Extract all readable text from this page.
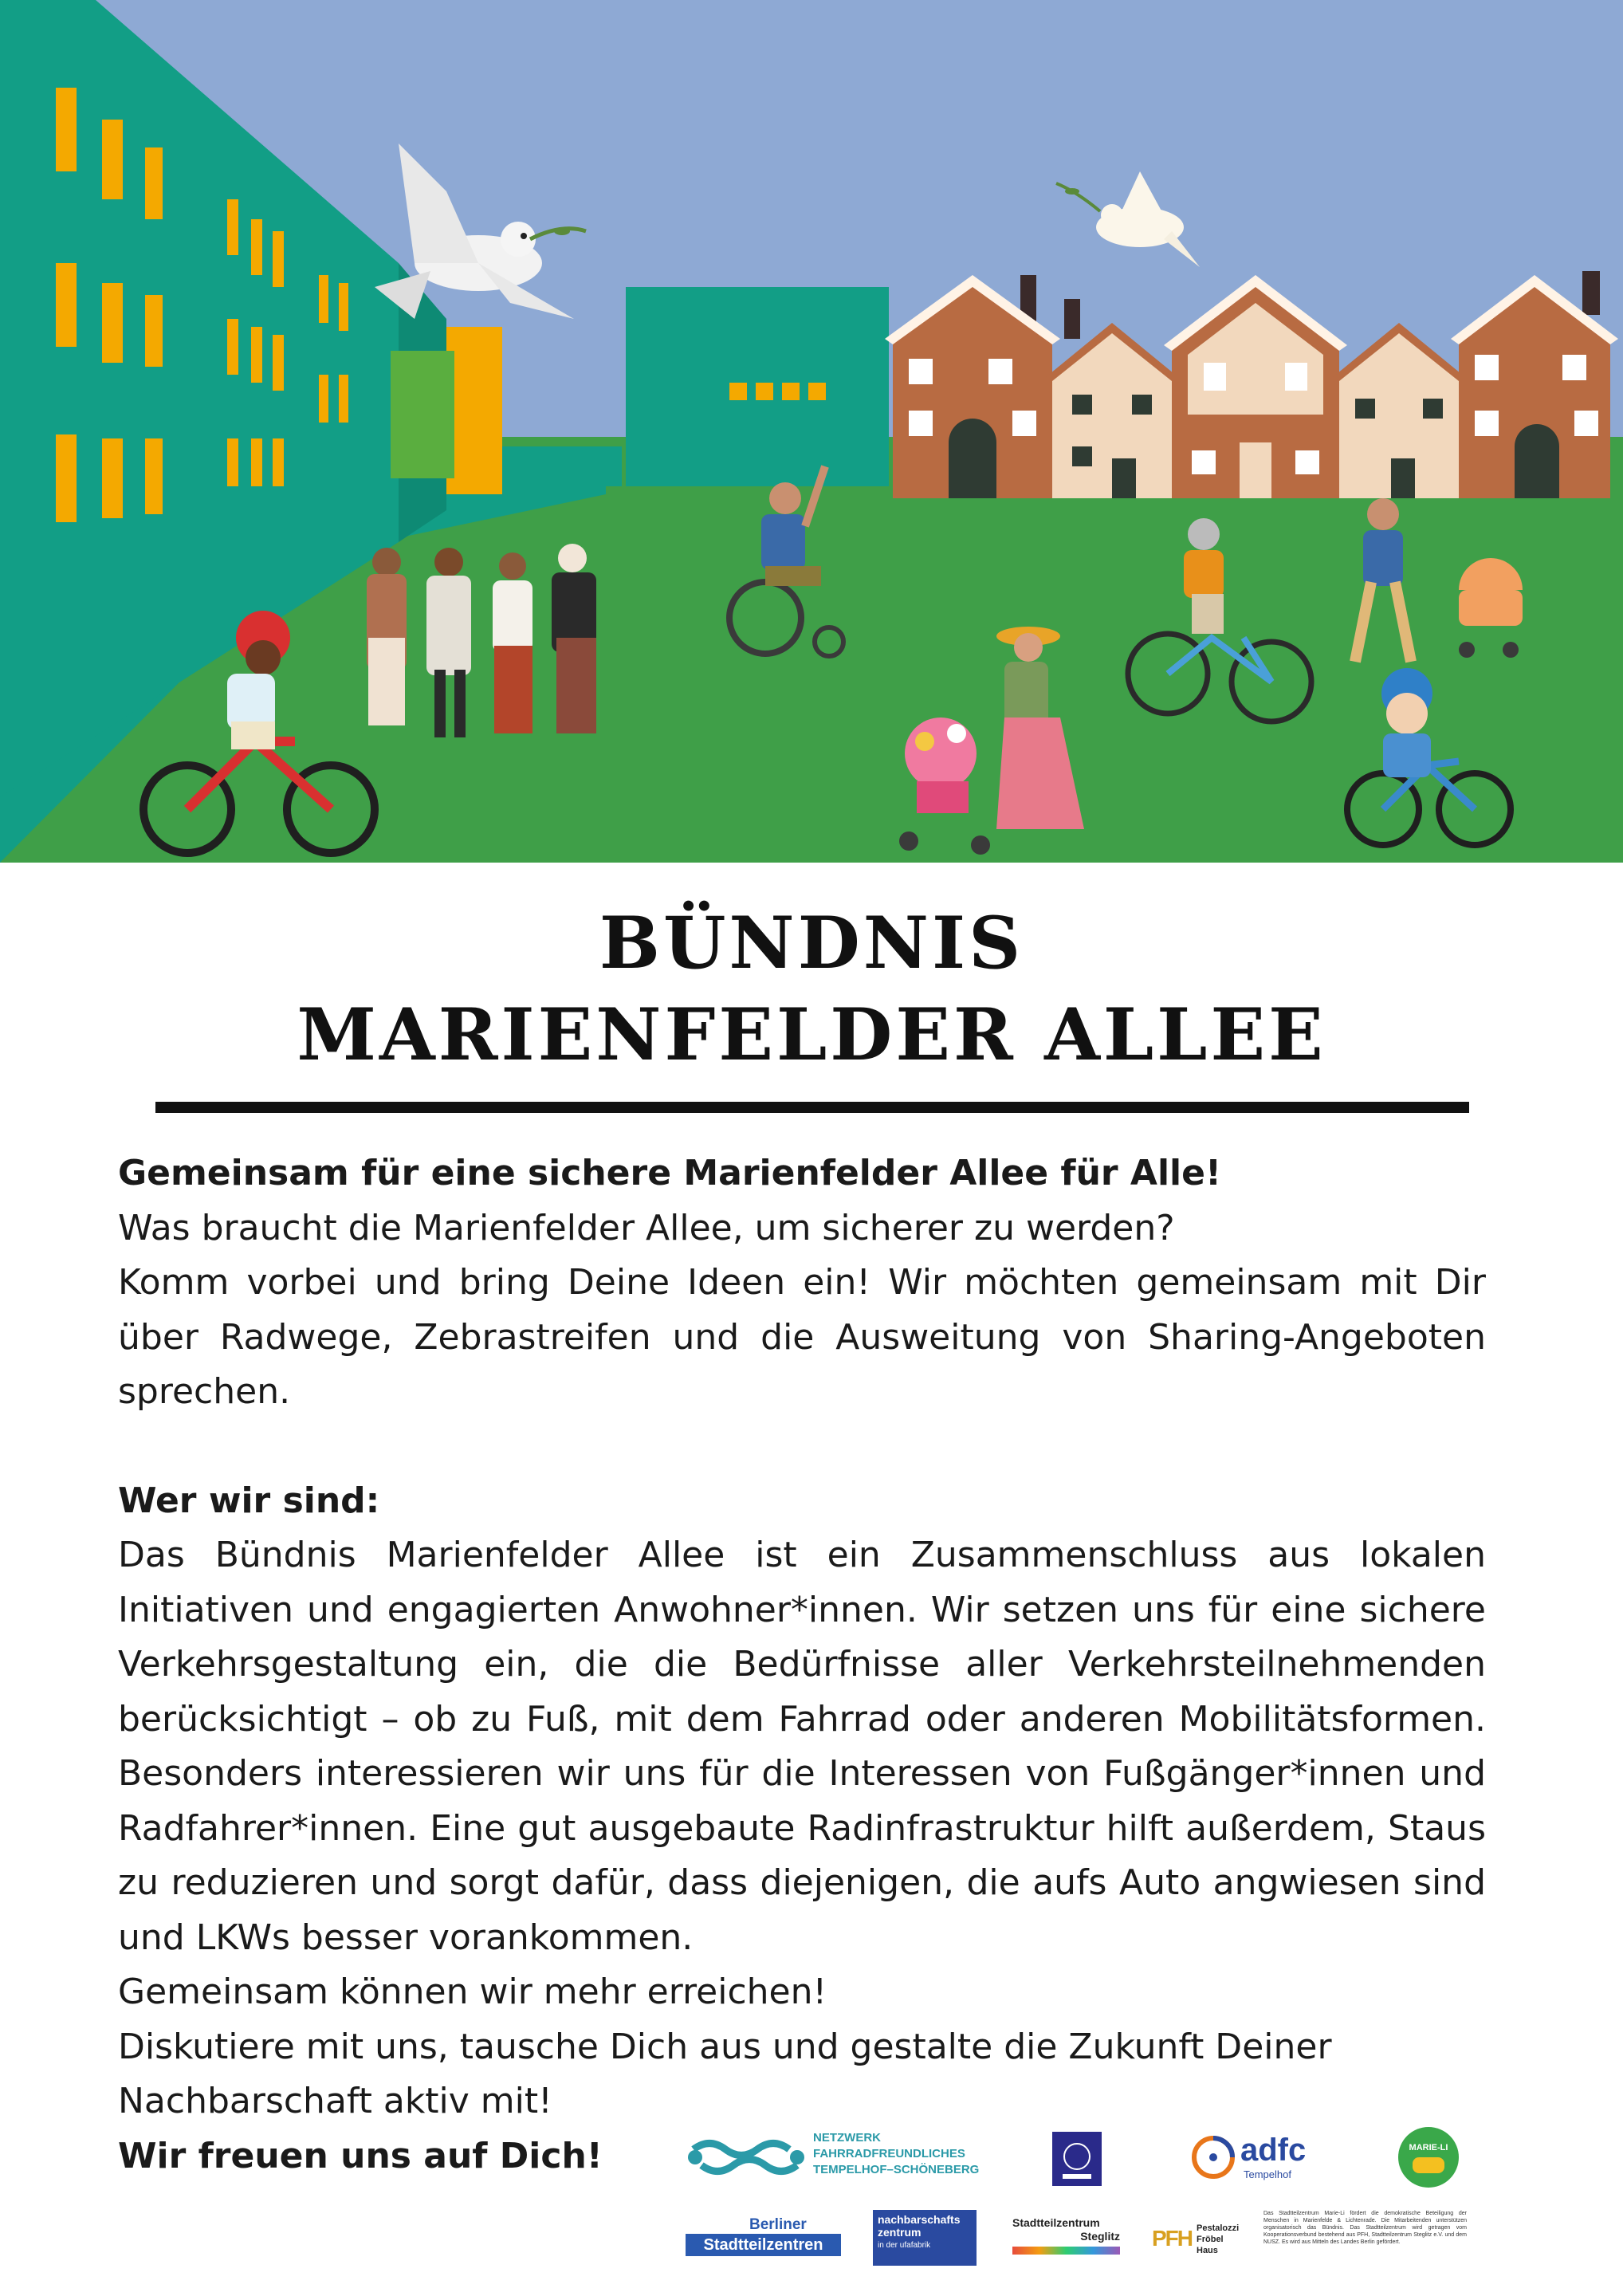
BÜNDNIS
MARIENFELDER ALLEE

Gemeinsam für eine sichere Marienfelder Allee für Alle!

Was braucht die Marienfelder Allee, um sicherer zu werden?

Komm vorbei und bring Deine Ideen ein! Wir möchten gemeinsam mit Dir über Radwege, Zebrastreifen und die Ausweitung von Sharing-Angeboten sprechen.

Wer wir sind:

Das Bündnis Marienfelder Allee ist ein Zusammenschluss aus lokalen Initiativen und engagierten Anwohner*innen. Wir setzen uns für eine sichere Verkehrsgestaltung ein, die die Bedürfnisse aller Verkehrsteilnehmenden berücksichtigt – ob zu Fuß, mit dem Fahrrad oder anderen Mobilitätsformen. Besonders interessieren wir uns für die Interessen von Fußgänger*innen und Radfahrer*innen. Eine gut ausgebaute Radinfrastruktur hilft außerdem, Staus zu reduzieren und sorgt dafür, dass diejenigen, die aufs Auto angwiesen sind und LKWs besser vorankommen.

Gemeinsam können wir mehr erreichen!

Diskutiere mit uns, tausche Dich aus und gestalte die Zukunft Deiner

Nachbarschaft aktiv mit!

Wir freuen uns auf Dich!	NETZWERK
FAHRRADFREUNDLICHES
TEMPELHOF–SCHÖNEBERG
adfc
Tempelhof
MARIE-LI
Berliner
Stadtteilzentren
nachbarschafts
zentrum
in der ufafabrik
Stadtteilzentrum
Steglitz PFH Pestalozzi
Fröbel
Haus
Das Stadtteilzentrum Marie-Li fördert die demokratische Beteiligung der Menschen in Marienfelde & Lichtenrade. Die Mitarbeitenden unterstützen organisatorisch das Bündnis. Das Stadtteilzentrum wird getragen vom Kooperationsverbund bestehend aus PFH, Stadtteilzentrum Steglitz e.V. und dem NUSZ. Es wird aus Mitteln des Landes Berlin gefördert.
